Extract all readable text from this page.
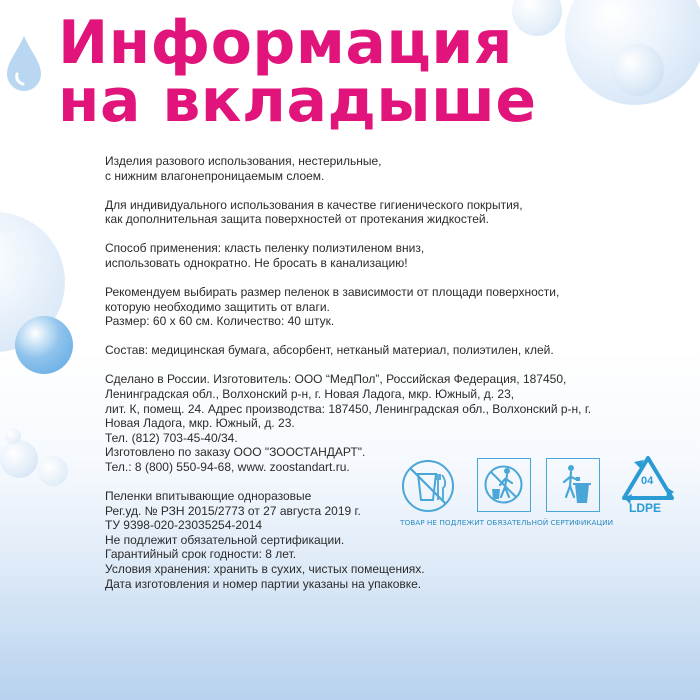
Информация
на вкладыше

Изделия разового использования, нестерильные,
с нижним влагонепроницаемым слоем.

Для индивидуального использования в качестве гигиенического покрытия,
как дополнительная защита поверхностей от протекания жидкостей.

Способ применения: класть пеленку полиэтиленом вниз,
использовать однократно. Не бросать в канализацию!

Рекомендуем выбирать размер пеленок в зависимости от площади поверхности,
которую необходимо защитить от влаги.
Размер: 60 х 60 см. Количество: 40 штук.

Состав: медицинская бумага, абсорбент, нетканый материал, полиэтилен, клей.

Сделано в России. Изготовитель: ООО “МедПол”, Российская Федерация, 187450,
Ленинградская обл., Волхонский р-н, г. Новая Ладога, мкр. Южный, д. 23,
лит. К, помещ. 24. Адрес производства: 187450, Ленинградская обл., Волхонский р-н, г.
Новая Ладога, мкр. Южный, д. 23.
Тел. (812) 703-45-40/34.
Изготовлено по заказу ООО "ЗООСТАНДАРТ".
Тел.: 8 (800) 550-94-68, www. zoostandart.ru.

Пеленки впитывающие одноразовые
Рег.уд. № РЗН 2015/2773 от 27 августа 2019 г.
ТУ 9398-020-23035254-2014
Не подлежит обязательной сертификации.
Гарантийный срок годности: 8 лет.
Условия хранения: хранить в сухих, чистых помещениях.
Дата изготовления и номер партии указаны на упаковке.

04
LDPE
ТОВАР НЕ ПОДЛЕЖИТ ОБЯЗАТЕЛЬНОЙ СЕРТИФИКАЦИИ
